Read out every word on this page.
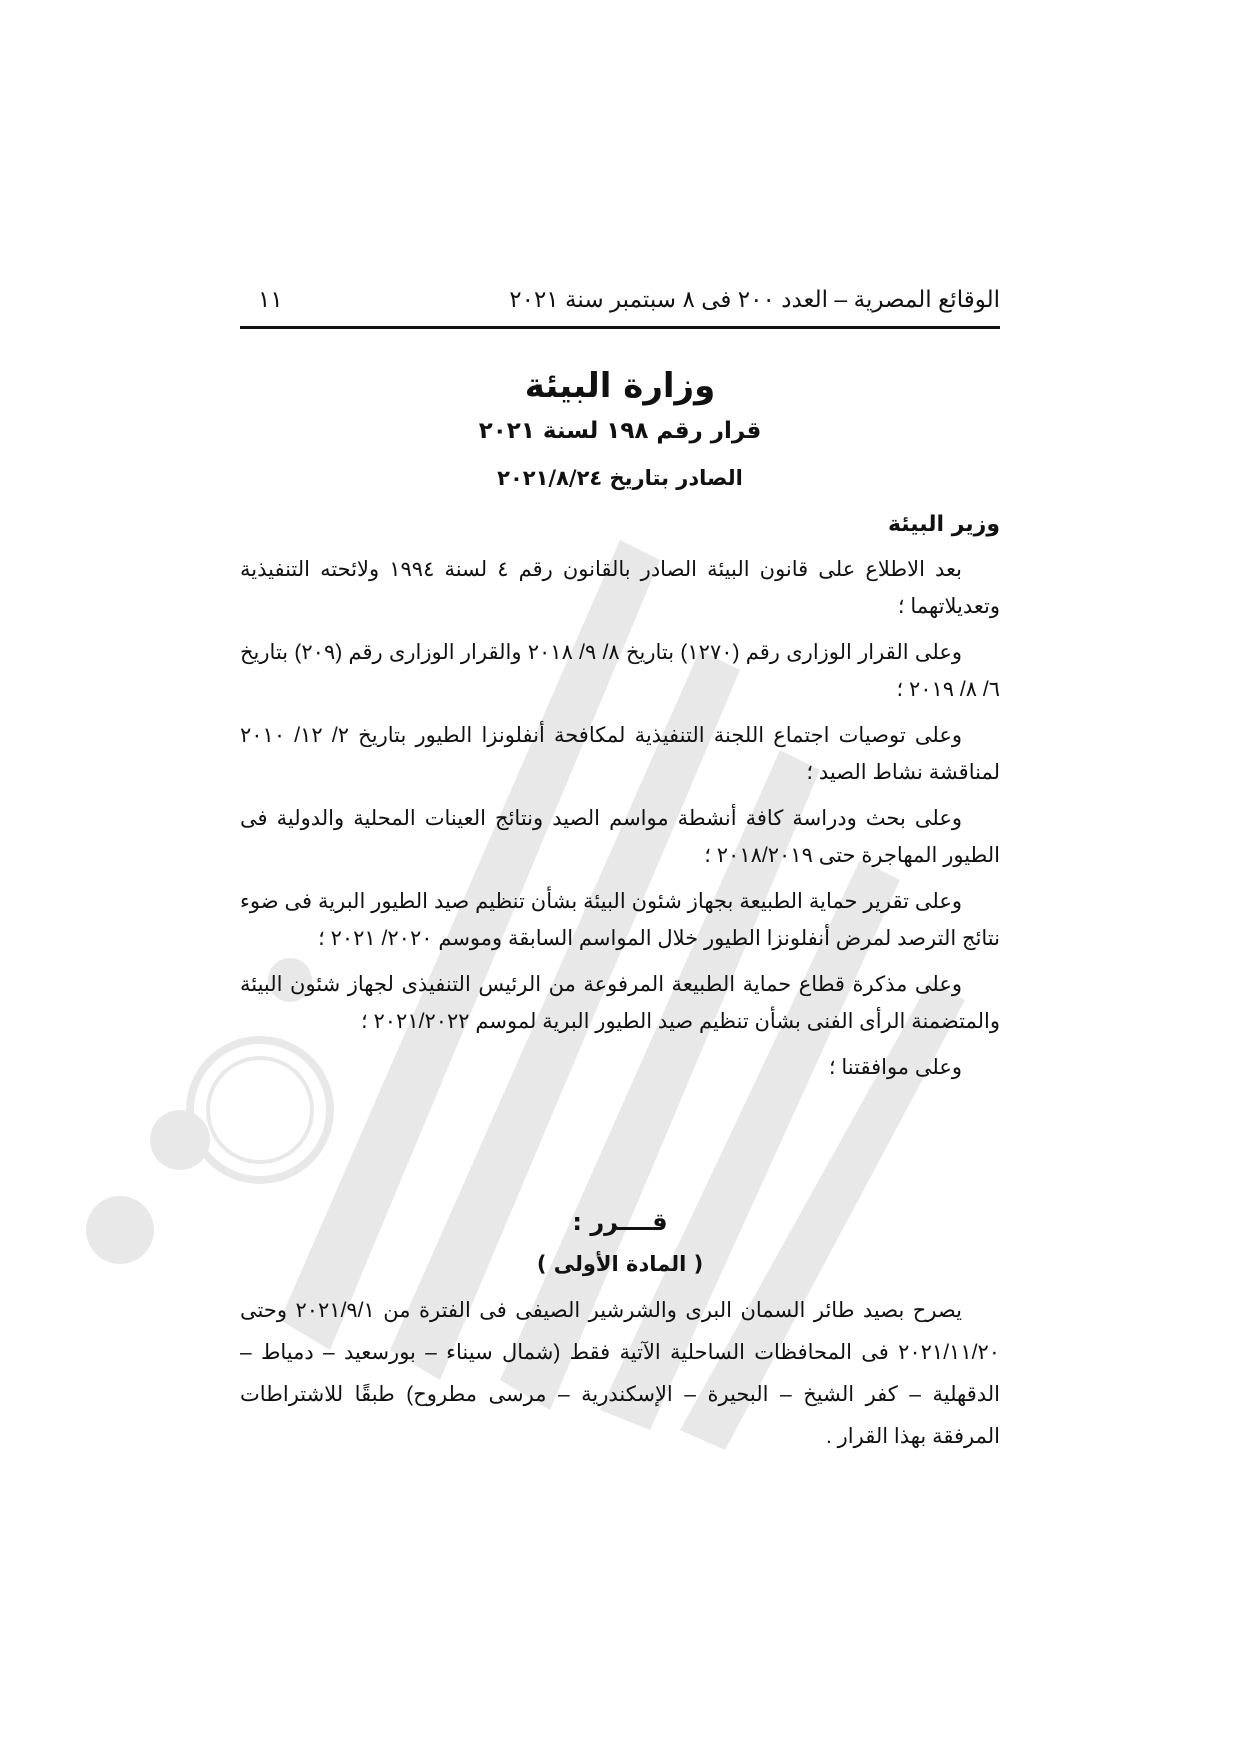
الوقائع المصرية – العدد ٢٠٠ فى ٨ سبتمبر سنة ٢٠٢١
١١
وزارة البيئة
قرار رقم ١٩٨ لسنة ٢٠٢١
الصادر بتاريخ ٢٠٢١/٨/٢٤
وزير البيئة

بعد الاطلاع على قانون البيئة الصادر بالقانون رقم ٤ لسنة ١٩٩٤ ولائحته التنفيذية وتعديلاتهما ؛

وعلى القرار الوزارى رقم (١٢٧٠) بتاريخ ٨/ ٩/ ٢٠١٨ والقرار الوزارى رقم (٢٠٩) بتاريخ ٦/ ٨/ ٢٠١٩ ؛

وعلى توصيات اجتماع اللجنة التنفيذية لمكافحة أنفلونزا الطيور بتاريخ ٢/ ١٢/ ٢٠١٠ لمناقشة نشاط الصيد ؛

وعلى بحث ودراسة كافة أنشطة مواسم الصيد ونتائج العينات المحلية والدولية فى الطيور المهاجرة حتى ٢٠١٨/٢٠١٩ ؛

وعلى تقرير حماية الطبيعة بجهاز شئون البيئة بشأن تنظيم صيد الطيور البرية فى ضوء نتائج الترصد لمرض أنفلونزا الطيور خلال المواسم السابقة وموسم ٢٠٢٠/ ٢٠٢١ ؛

وعلى مذكرة قطاع حماية الطبيعة المرفوعة من الرئيس التنفيذى لجهاز شئون البيئة والمتضمنة الرأى الفنى بشأن تنظيم صيد الطيور البرية لموسم ٢٠٢١/٢٠٢٢ ؛

وعلى موافقتنا ؛

قــــرر :
( المادة الأولى )

يصرح بصيد طائر السمان البرى والشرشير الصيفى فى الفترة من ٢٠٢١/٩/١ وحتى ٢٠٢١/١١/٢٠ فى المحافظات الساحلية الآتية فقط (شمال سيناء – بورسعيد – دمياط – الدقهلية – كفر الشيخ – البحيرة – الإسكندرية – مرسى مطروح) طبقًا للاشتراطات المرفقة بهذا القرار .
